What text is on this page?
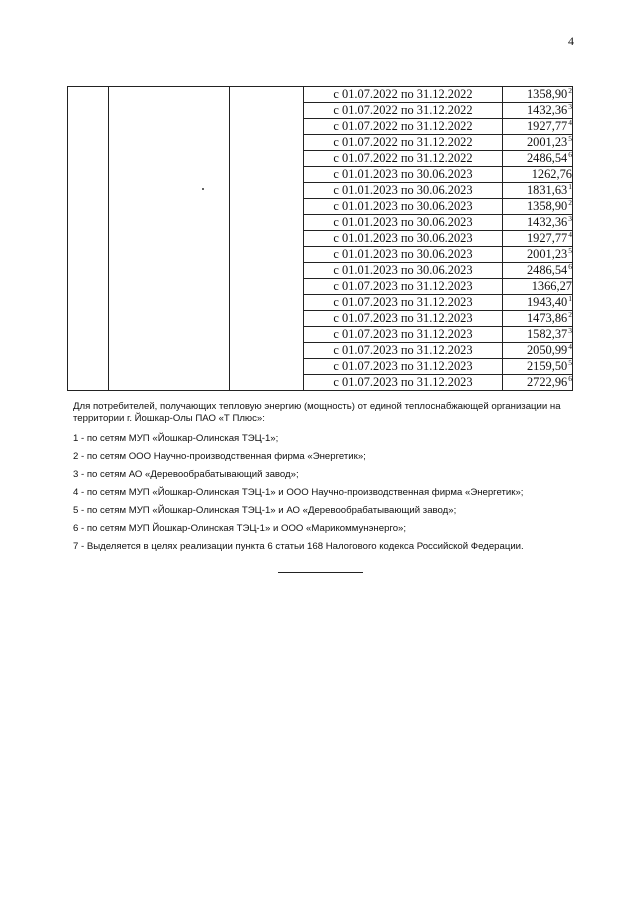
4
			с 01.07.2022 по 31.12.2022	1358,90$^2$
			с 01.07.2022 по 31.12.2022	1432,36$^3$
			с 01.07.2022 по 31.12.2022	1927,77$^4$
			с 01.07.2022 по 31.12.2022	2001,23$^5$
			с 01.07.2022 по 31.12.2022	2486,54$^6$
			с 01.01.2023 по 30.06.2023	1262,76
			с 01.01.2023 по 30.06.2023	1831,63$^1$
			с 01.01.2023 по 30.06.2023	1358,90$^2$
			с 01.01.2023 по 30.06.2023	1432,36$^3$
			с 01.01.2023 по 30.06.2023	1927,77$^4$
			с 01.01.2023 по 30.06.2023	2001,23$^5$
			с 01.01.2023 по 30.06.2023	2486,54$^6$
			с 01.07.2023 по 31.12.2023	1366,27
			с 01.07.2023 по 31.12.2023	1943,40$^1$
			с 01.07.2023 по 31.12.2023	1473,86$^2$
			с 01.07.2023 по 31.12.2023	1582,37$^3$
			с 01.07.2023 по 31.12.2023	2050,99$^4$
			с 01.07.2023 по 31.12.2023	2159,50$^5$
			с 01.07.2023 по 31.12.2023	2722,96$^6$

Для потребителей, получающих тепловую энергию (мощность) от единой теплоснабжающей организации на территории г. Йошкар-Олы ПАО «Т Плюс»:

1 - по сетям МУП «Йошкар-Олинская ТЭЦ-1»;

2 - по сетям ООО Научно-производственная фирма «Энергетик»;

3 - по сетям АО «Деревообрабатывающий завод»;

4 - по сетям МУП «Йошкар-Олинская ТЭЦ-1» и ООО Научно-производственная фирма «Энергетик»;

5 - по сетям МУП «Йошкар-Олинская ТЭЦ-1» и АО «Деревообрабатывающий завод»;

6 - по сетям МУП Йошкар-Олинская ТЭЦ-1» и ООО «Марикоммунэнерго»;

7 - Выделяется в целях реализации пункта 6 статьи 168 Налогового кодекса Российской Федерации.
